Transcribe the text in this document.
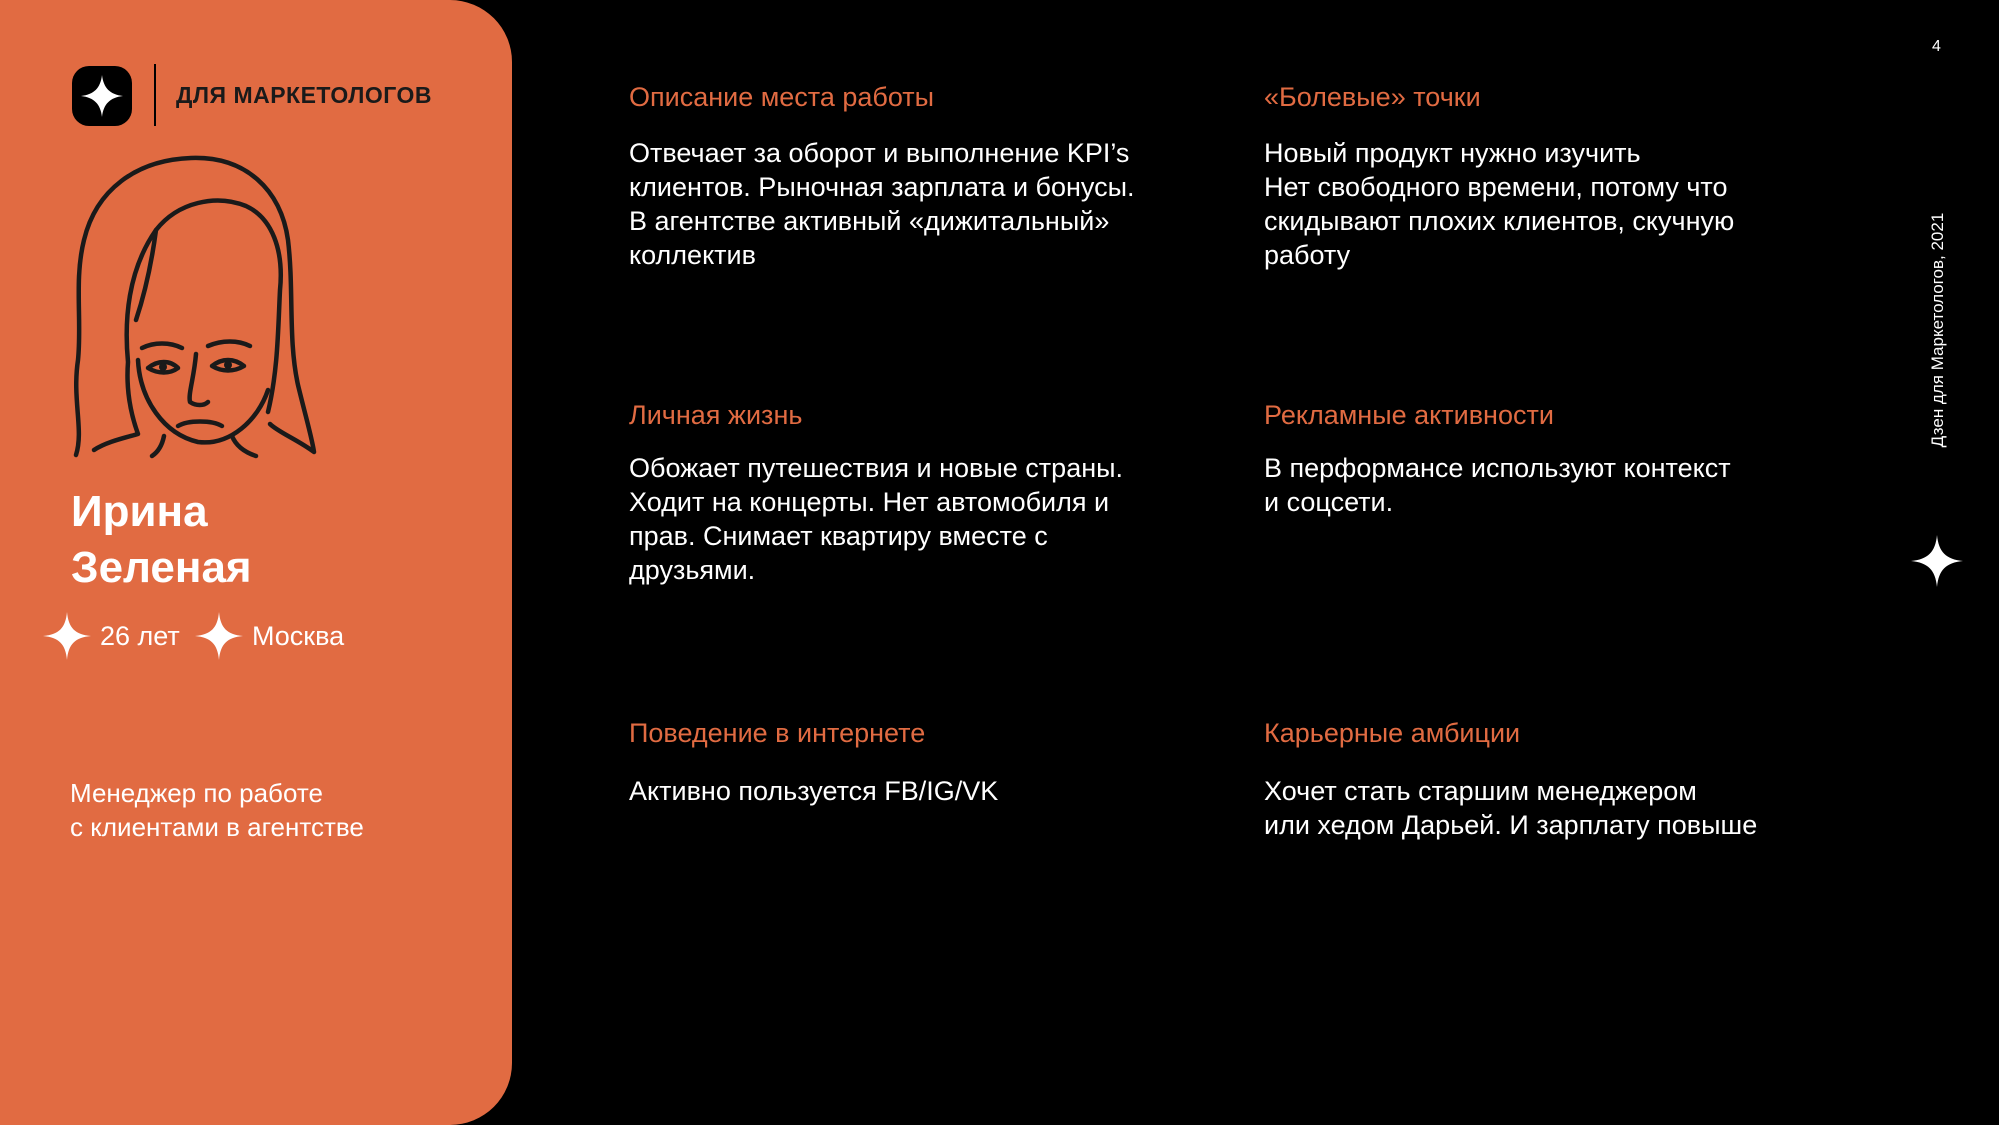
ДЛЯ МАРКЕТОЛОГОВ
Ирина
Зеленая
26 лет	Москва
Менеджер по работе
с клиентами в агентстве
Описание места работы
Отвечает за оборот и выполнение KPI’s
клиентов. Рыночная зарплата и бонусы.
В агентстве активный «дижитальный»
коллектив
«Болевые» точки
Новый продукт нужно изучить
Нет свободного времени, потому что
скидывают плохих клиентов, скучную
работу
Личная жизнь
Обожает путешествия и новые страны.
Ходит на концерты. Нет автомобиля и
прав. Снимает квартиру вместе с
друзьями.
Рекламные активности
В перформансе используют контекст
и соцсети.
Поведение в интернете
Активно пользуется FB/IG/VK
Карьерные амбиции
Хочет стать старшим менеджером
или хедом Дарьей. И зарплату повыше
4
Дзен для Маркетологов, 2021
